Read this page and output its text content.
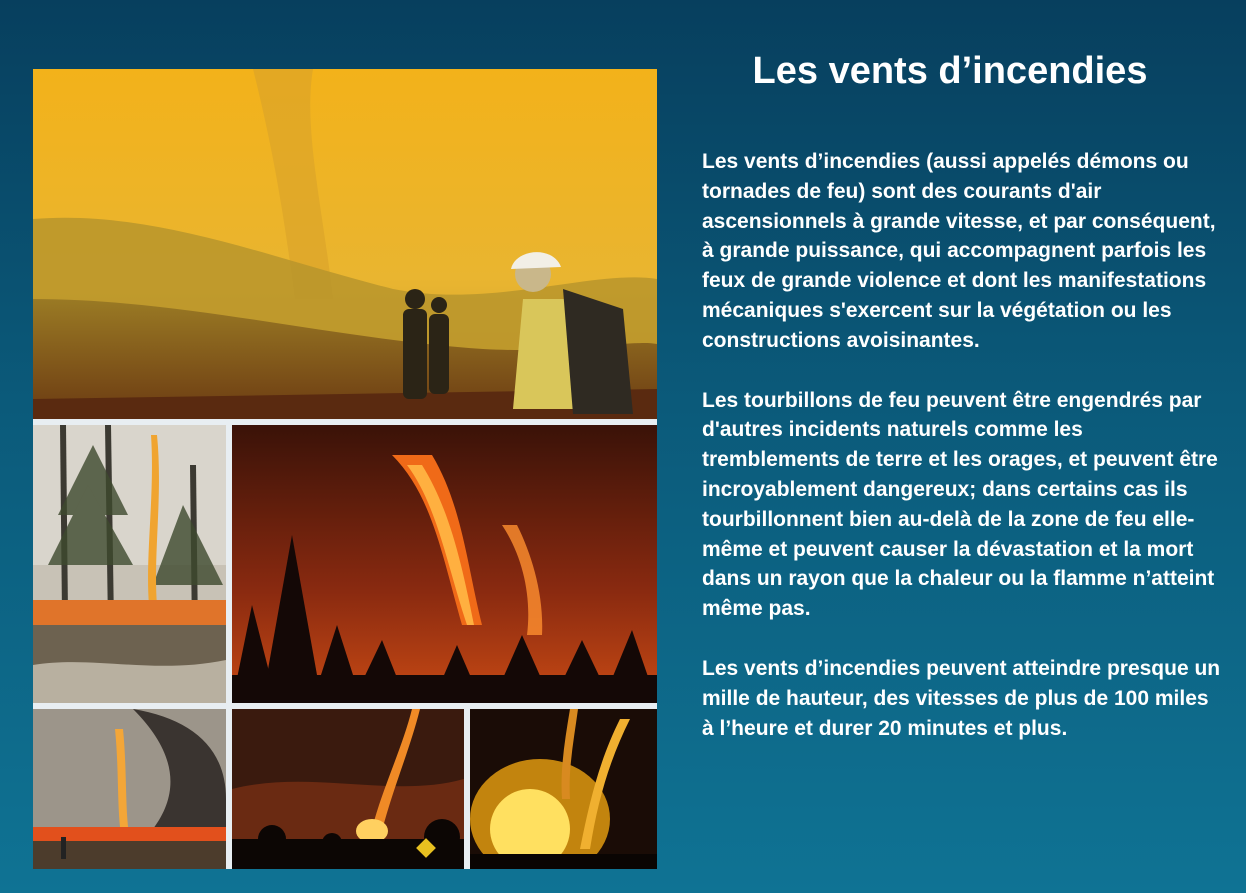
Les vents d’incendies

Les vents d’incendies (aussi appelés démons ou tornades de feu) sont des courants d'air ascensionnels à grande vitesse, et par conséquent, à grande puissance, qui accompagnent parfois les feux de grande violence et dont les manifestations mécaniques s'exercent sur la végétation ou les constructions avoisinantes.

Les tourbillons de feu peuvent être engendrés par d'autres incidents naturels comme les tremblements de terre et les orages, et peuvent être incroyablement dangereux; dans certains cas ils tourbillonnent bien au-delà de la zone de feu elle-même et peuvent causer la dévastation et la mort dans un rayon que la chaleur ou la flamme n’atteint même pas.

Les vents d’incendies peuvent atteindre presque un mille de hauteur, des vitesses de plus de 100 miles à l’heure et durer 20 minutes et plus.
